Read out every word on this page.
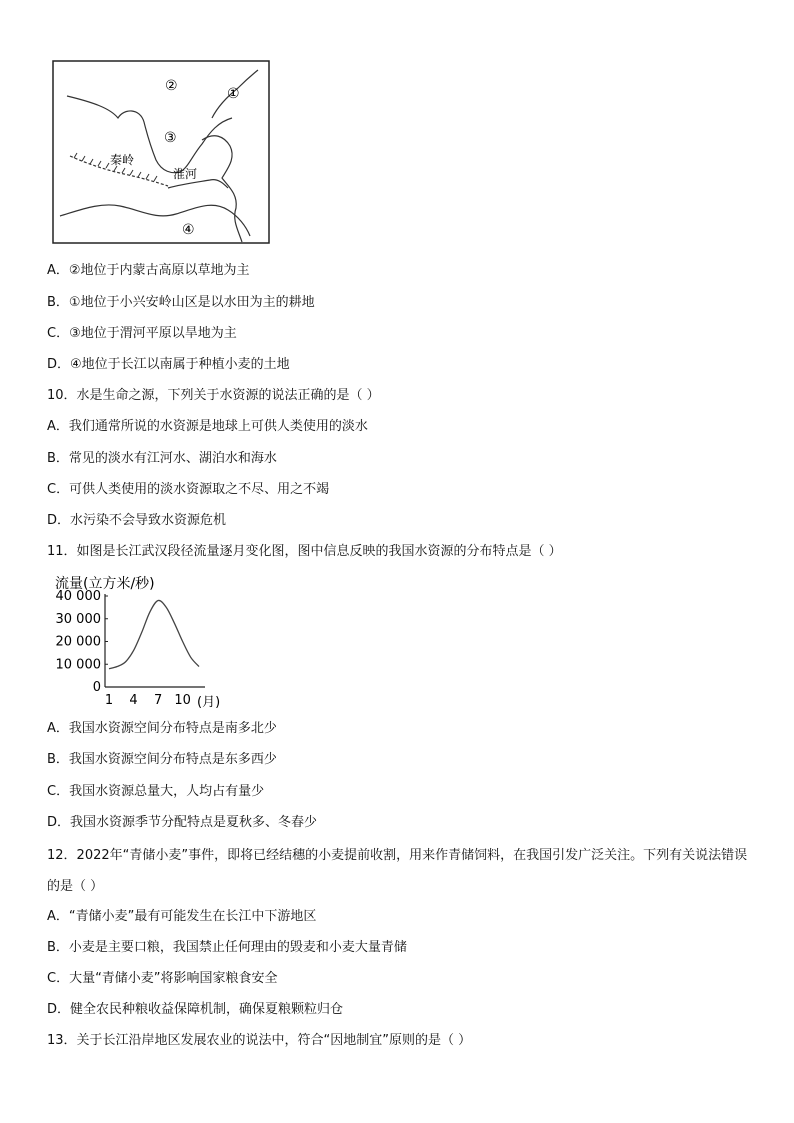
②	①
③
秦岭
淮河
④
A．②地位于内蒙古高原以草地为主
B．①地位于小兴安岭山区是以水田为主的耕地
C．③地位于渭河平原以旱地为主
D．④地位于长江以南属于种植小麦的土地
10．水是生命之源，下列关于水资源的说法正确的是（ ）
A．我们通常所说的水资源是地球上可供人类使用的淡水
B．常见的淡水有江河水、湖泊水和海水
C．可供人类使用的淡水资源取之不尽、用之不竭
D．水污染不会导致水资源危机
11．如图是长江武汉段径流量逐月变化图，图中信息反映的我国水资源的分布特点是（ ）
流量(立方米/秒)
40 000
30 000
20 000
10 000
0
1 4 7 10 (月)
A．我国水资源空间分布特点是南多北少
B．我国水资源空间分布特点是东多西少
C．我国水资源总量大，人均占有量少
D．我国水资源季节分配特点是夏秋多、冬春少
12．2022年“青储小麦”事件，即将已经结穗的小麦提前收割，用来作青储饲料，在我国引发广泛关注。下列有关说法错误的是（ ）
A．“青储小麦”最有可能发生在长江中下游地区
B．小麦是主要口粮，我国禁止任何理由的毁麦和小麦大量青储
C．大量“青储小麦”将影响国家粮食安全
D．健全农民种粮收益保障机制，确保夏粮颗粒归仓
13．关于长江沿岸地区发展农业的说法中，符合“因地制宜”原则的是（ ）
